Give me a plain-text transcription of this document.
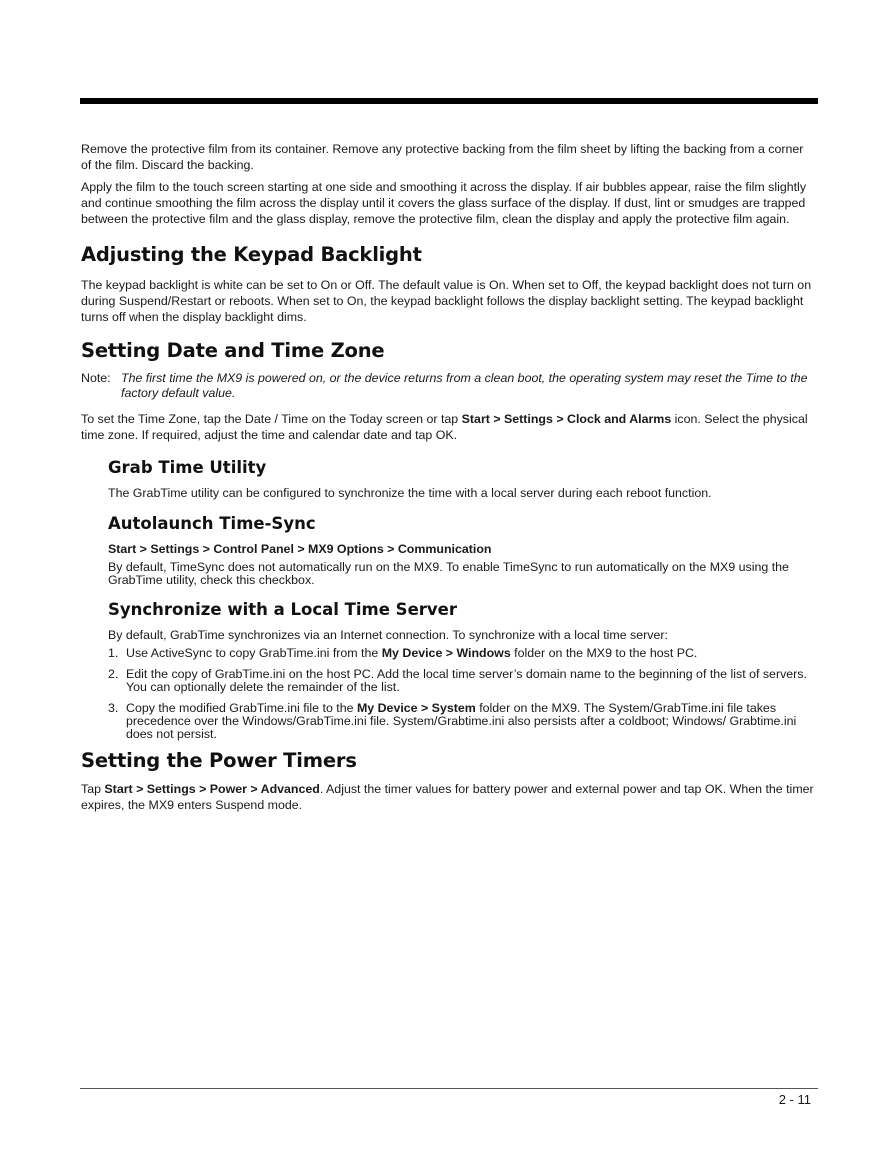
Remove the protective film from its container. Remove any protective backing from the film sheet by lifting the backing from a corner of the film. Discard the backing.

Apply the film to the touch screen starting at one side and smoothing it across the display. If air bubbles appear, raise the film slightly and continue smoothing the film across the display until it covers the glass surface of the display. If dust, lint or smudges are trapped between the protective film and the glass display, remove the protective film, clean the display and apply the protective film again.

Adjusting the Keypad Backlight

The keypad backlight is white can be set to On or Off. The default value is On. When set to Off, the keypad backlight does not turn on during Suspend/Restart or reboots. When set to On, the keypad backlight follows the display backlight setting. The keypad backlight turns off when the display backlight dims.

Setting Date and Time Zone
Note: The first time the MX9 is powered on, or the device returns from a clean boot, the operating system may reset the Time to the factory default value.

To set the Time Zone, tap the Date / Time on the Today screen or tap Start > Settings > Clock and Alarms icon. Select the physical time zone. If required, adjust the time and calendar date and tap OK.

Grab Time Utility

The GrabTime utility can be configured to synchronize the time with a local server during each reboot function.

Autolaunch Time-Sync

Start > Settings > Control Panel > MX9 Options > Communication

By default, TimeSync does not automatically run on the MX9. To enable TimeSync to run automatically on the MX9 using the GrabTime utility, check this checkbox.

Synchronize with a Local Time Server

By default, GrabTime synchronizes via an Internet connection. To synchronize with a local time server:

1. Use ActiveSync to copy GrabTime.ini from the My Device > Windows folder on the MX9 to the host PC.
2. Edit the copy of GrabTime.ini on the host PC. Add the local time server’s domain name to the beginning of the list of servers. You can optionally delete the remainder of the list.
3. Copy the modified GrabTime.ini file to the My Device > System folder on the MX9. The System/GrabTime.ini file takes precedence over the Windows/GrabTime.ini file. System/Grabtime.ini also persists after a coldboot; Windows/ Grabtime.ini does not persist.
Setting the Power Timers

Tap Start > Settings > Power > Advanced. Adjust the timer values for battery power and external power and tap OK. When the timer expires, the MX9 enters Suspend mode.

2 - 11
